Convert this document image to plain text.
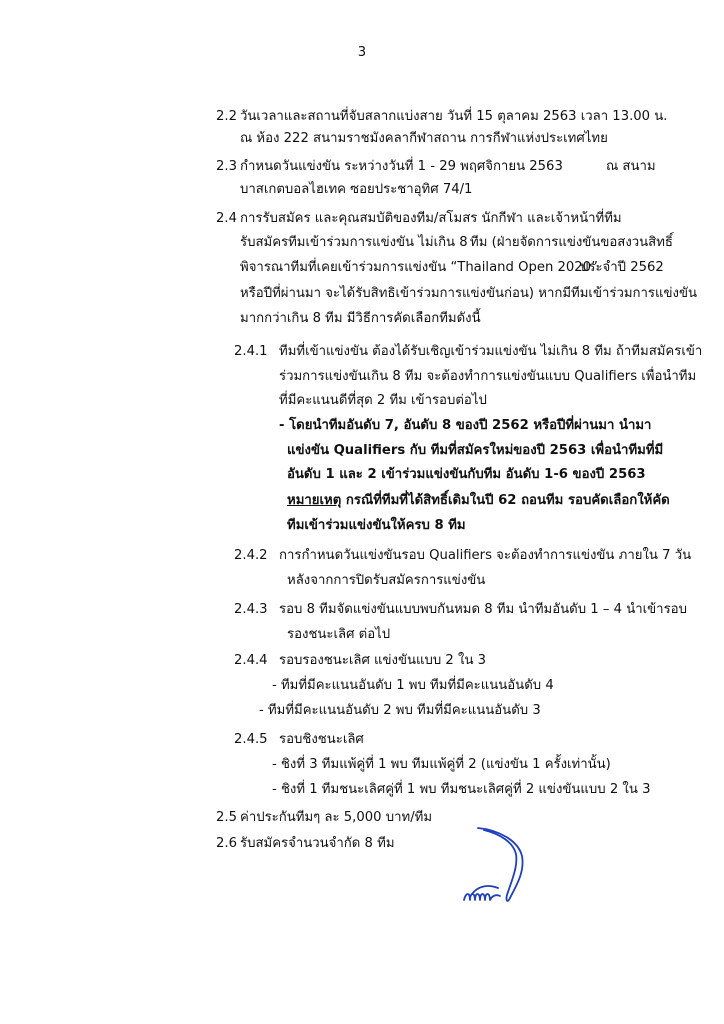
3
2.2 วันเวลาและสถานที่จับสลากแบ่งสาย วันที่ 15 ตุลาคม 2563 เวลา 13.00 น.
ณ ห้อง 222 สนามราชมังคลากีฬาสถาน การกีฬาแห่งประเทศไทย
2.3 กำหนดวันแข่งขัน ระหว่างวันที่ 1 - 29 พฤศจิกายน 2563	ณ สนาม
บาสเกตบอลไฮเทค ซอยประชาอุทิศ 74/1
2.4 การรับสมัคร และคุณสมบัติของทีม/สโมสร นักกีฬา และเจ้าหน้าที่ทีม
รับสมัครทีมเข้าร่วมการแข่งขัน ไม่เกิน 8 ทีม (ฝ่ายจัดการแข่งขันขอสงวนสิทธิ์
พิจารณาทีมที่เคยเข้าร่วมการแข่งขัน “Thailand Open 2020”
ประจำปี 2562
หรือปีที่ผ่านมา จะได้รับสิทธิเข้าร่วมการแข่งขันก่อน) หากมีทีมเข้าร่วมการแข่งขัน
มากกว่าเกิน 8 ทีม มีวิธีการคัดเลือกทีมดังนี้
2.4.1 ทีมที่เข้าแข่งขัน ต้องได้รับเชิญเข้าร่วมแข่งขัน ไม่เกิน 8 ทีม ถ้าทีมสมัครเข้า
ร่วมการแข่งขันเกิน 8 ทีม จะต้องทำการแข่งขันแบบ Qualifiers เพื่อนำทีม
ที่มีคะแนนดีที่สุด 2 ทีม เข้ารอบต่อไป
- โดยนำทีมอันดับ 7, อันดับ 8 ของปี 2562 หรือปีที่ผ่านมา นำมา
แข่งขัน Qualifiers กับ ทีมที่สมัครใหม่ของปี 2563 เพื่อนำทีมที่มี
อันดับ 1 และ 2 เข้าร่วมแข่งขันกับทีม อันดับ 1-6 ของปี 2563
หมายเหตุ กรณีที่ทีมที่ได้สิทธิ์เดิมในปี 62 ถอนทีม รอบคัดเลือกให้คัด
ทีมเข้าร่วมแข่งขันให้ครบ 8 ทีม
2.4.2 การกำหนดวันแข่งขันรอบ Qualifiers จะต้องทำการแข่งขัน ภายใน 7 วัน
หลังจากการปิดรับสมัครการแข่งขัน
2.4.3 รอบ 8 ทีมจัดแข่งขันแบบพบกันหมด 8 ทีม นำทีมอันดับ 1 – 4 นำเข้ารอบ
รองชนะเลิศ ต่อไป
2.4.4 รอบรองชนะเลิศ แข่งขันแบบ 2 ใน 3
- ทีมที่มีคะแนนอันดับ 1 พบ ทีมที่มีคะแนนอันดับ 4
- ทีมที่มีคะแนนอันดับ 2 พบ ทีมที่มีคะแนนอันดับ 3
2.4.5 รอบชิงชนะเลิศ
- ชิงที่ 3 ทีมแพ้คู่ที่ 1 พบ ทีมแพ้คู่ที่ 2 (แข่งขัน 1 ครั้งเท่านั้น)
- ชิงที่ 1 ทีมชนะเลิศคู่ที่ 1 พบ ทีมชนะเลิศคู่ที่ 2 แข่งขันแบบ 2 ใน 3
2.5 ค่าประกันทีมๆ ละ 5,000 บาท/ทีม
2.6 รับสมัครจำนวนจำกัด 8 ทีม
